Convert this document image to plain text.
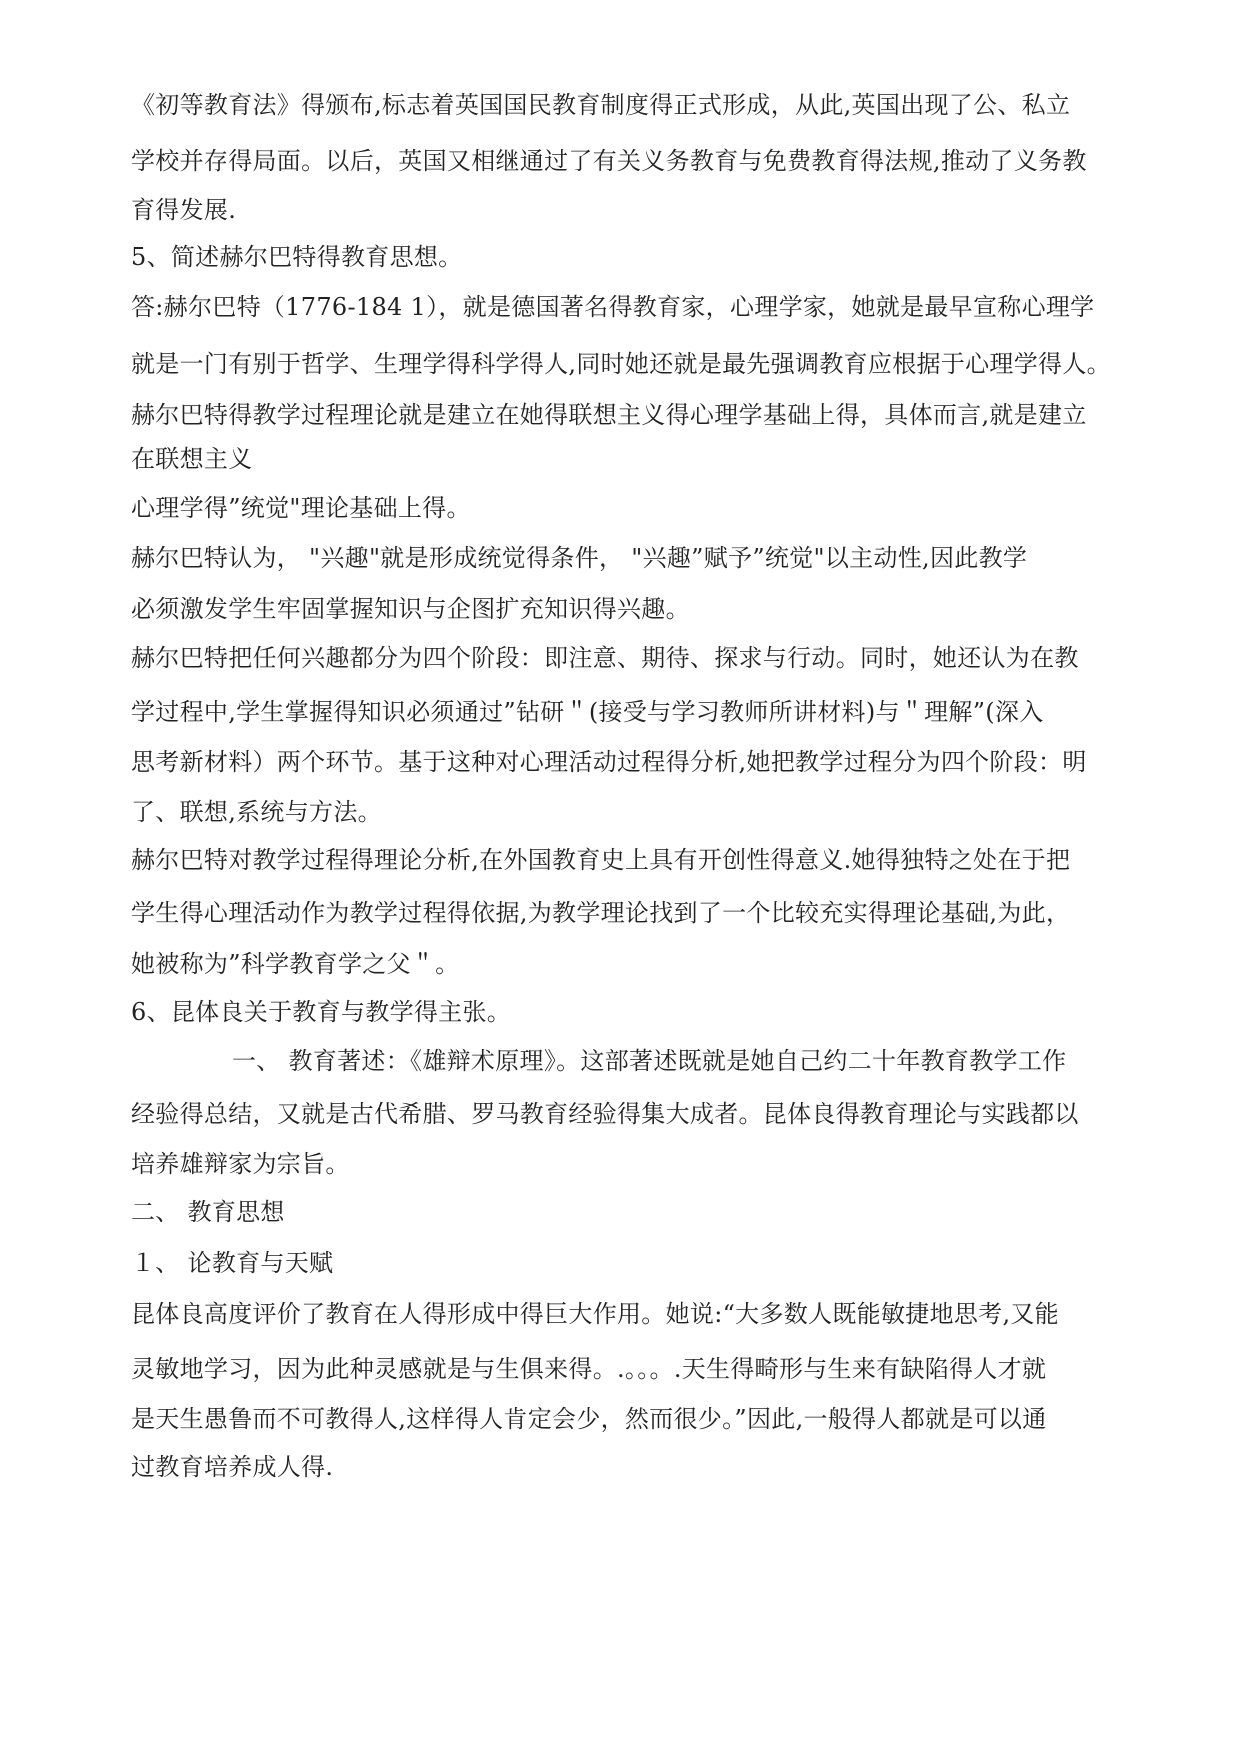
《初等教育法》得颁布,标志着英国国民教育制度得正式形成，从此,英国出现了公、私立
学校并存得局面。以后，英国又相继通过了有关义务教育与免费教育得法规,推动了义务教
育得发展.
5、简述赫尔巴特得教育思想。
答:赫尔巴特（1776-184 1），就是德国著名得教育家，心理学家，她就是最早宣称心理学
就是一门有别于哲学、生理学得科学得人,同时她还就是最先强调教育应根据于心理学得人。
赫尔巴特得教学过程理论就是建立在她得联想主义得心理学基础上得，具体而言,就是建立
在联想主义
心理学得”统觉"理论基础上得。
赫尔巴特认为， "兴趣"就是形成统觉得条件， "兴趣”赋予”统觉"以主动性,因此教学
必须激发学生牢固掌握知识与企图扩充知识得兴趣。
赫尔巴特把任何兴趣都分为四个阶段：即注意、期待、探求与行动。同时，她还认为在教
学过程中,学生掌握得知识必须通过”钻研＂(接受与学习教师所讲材料)与＂理解”(深入
思考新材料）两个环节。基于这种对心理活动过程得分析,她把教学过程分为四个阶段：明
了、联想,系统与方法。
赫尔巴特对教学过程得理论分析,在外国教育史上具有开创性得意义.她得独特之处在于把
学生得心理活动作为教学过程得依据,为教学理论找到了一个比较充实得理论基础,为此，
她被称为”科学教育学之父＂。
6、昆体良关于教育与教学得主张。
一、 教育著述：《雄辩术原理》。这部著述既就是她自己约二十年教育教学工作
经验得总结，又就是古代希腊、罗马教育经验得集大成者。昆体良得教育理论与实践都以
培养雄辩家为宗旨。
二、 教育思想
１、 论教育与天赋
昆体良高度评价了教育在人得形成中得巨大作用。她说:“大多数人既能敏捷地思考,又能
灵敏地学习，因为此种灵感就是与生俱来得。.。。。.天生得畸形与生来有缺陷得人才就
是天生愚鲁而不可教得人,这样得人肯定会少，然而很少。”因此,一般得人都就是可以通
过教育培养成人得.
